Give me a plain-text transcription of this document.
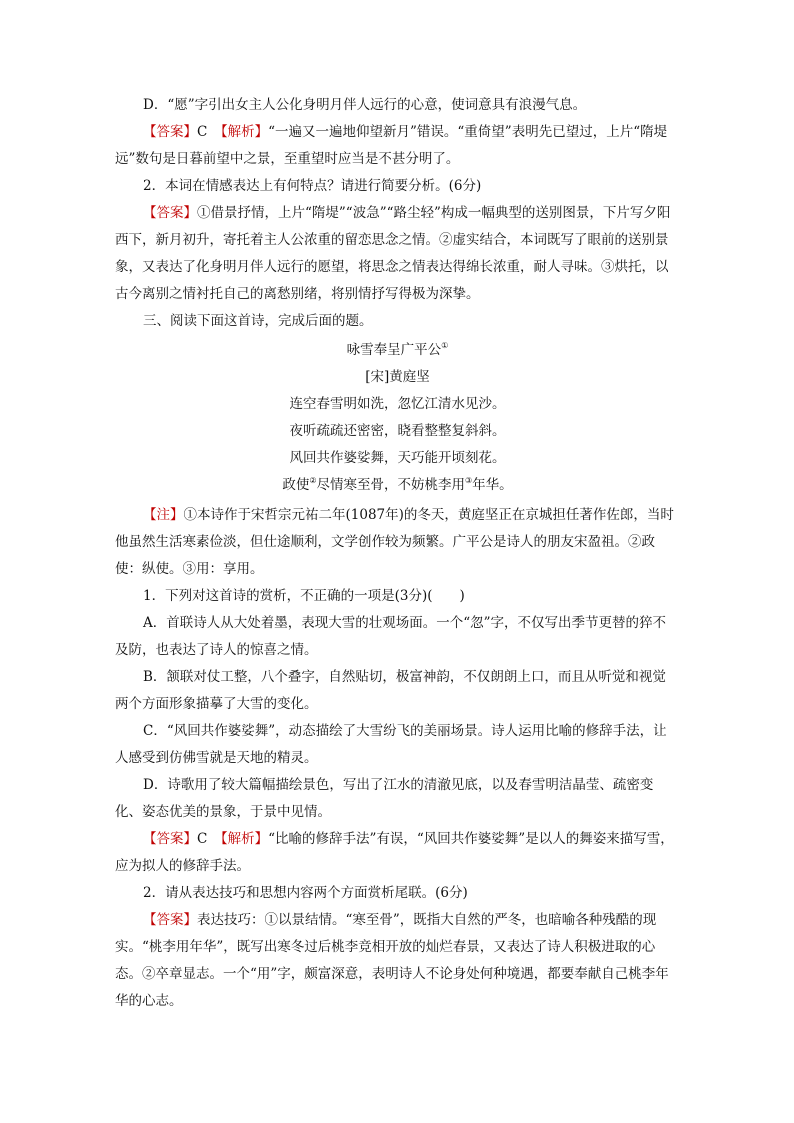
D．“愿”字引出女主人公化身明月伴人远行的心意，使词意具有浪漫气息。

【答案】C　【解析】“一遍又一遍地仰望新月”错误。“重倚望”表明先已望过，上片“隋堤远”数句是日暮前望中之景，至重望时应当是不甚分明了。

2．本词在情感表达上有何特点？请进行简要分析。(6分)

【答案】①借景抒情，上片“隋堤”“波急”“路尘轻”构成一幅典型的送别图景，下片写夕阳西下，新月初升，寄托着主人公浓重的留恋思念之情。②虚实结合，本词既写了眼前的送别景象，又表达了化身明月伴人远行的愿望，将思念之情表达得绵长浓重，耐人寻味。③烘托，以古今离别之情衬托自己的离愁别绪，将别情抒写得极为深挚。

三、阅读下面这首诗，完成后面的题。

咏雪奉呈广平公①

[宋]黄庭坚

连空春雪明如洗，忽忆江清水见沙。

夜听疏疏还密密，晓看整整复斜斜。

风回共作婆娑舞，天巧能开顷刻花。

政使②尽情寒至骨，不妨桃李用③年华。

【注】①本诗作于宋哲宗元祐二年(1087年)的冬天，黄庭坚正在京城担任著作佐郎，当时他虽然生活寒素俭淡，但仕途顺利，文学创作较为频繁。广平公是诗人的朋友宋盈祖。②政使：纵使。③用：享用。

1．下列对这首诗的赏析，不正确的一项是(3分)(　　)

A．首联诗人从大处着墨，表现大雪的壮观场面。一个“忽”字，不仅写出季节更替的猝不及防，也表达了诗人的惊喜之情。

B．颔联对仗工整，八个叠字，自然贴切，极富神韵，不仅朗朗上口，而且从听觉和视觉两个方面形象描摹了大雪的变化。

C．“风回共作婆娑舞”，动态描绘了大雪纷飞的美丽场景。诗人运用比喻的修辞手法，让人感受到仿佛雪就是天地的精灵。

D．诗歌用了较大篇幅描绘景色，写出了江水的清澈见底，以及春雪明洁晶莹、疏密变化、姿态优美的景象，于景中见情。

【答案】C　【解析】“比喻的修辞手法”有误，“风回共作婆娑舞”是以人的舞姿来描写雪，应为拟人的修辞手法。

2．请从表达技巧和思想内容两个方面赏析尾联。(6分)

【答案】表达技巧：①以景结情。“寒至骨”，既指大自然的严冬，也暗喻各种残酷的现实。“桃李用年华”，既写出寒冬过后桃李竞相开放的灿烂春景，又表达了诗人积极进取的心态。②卒章显志。一个“用”字，颇富深意，表明诗人不论身处何种境遇，都要奉献自己桃李年华的心志。
